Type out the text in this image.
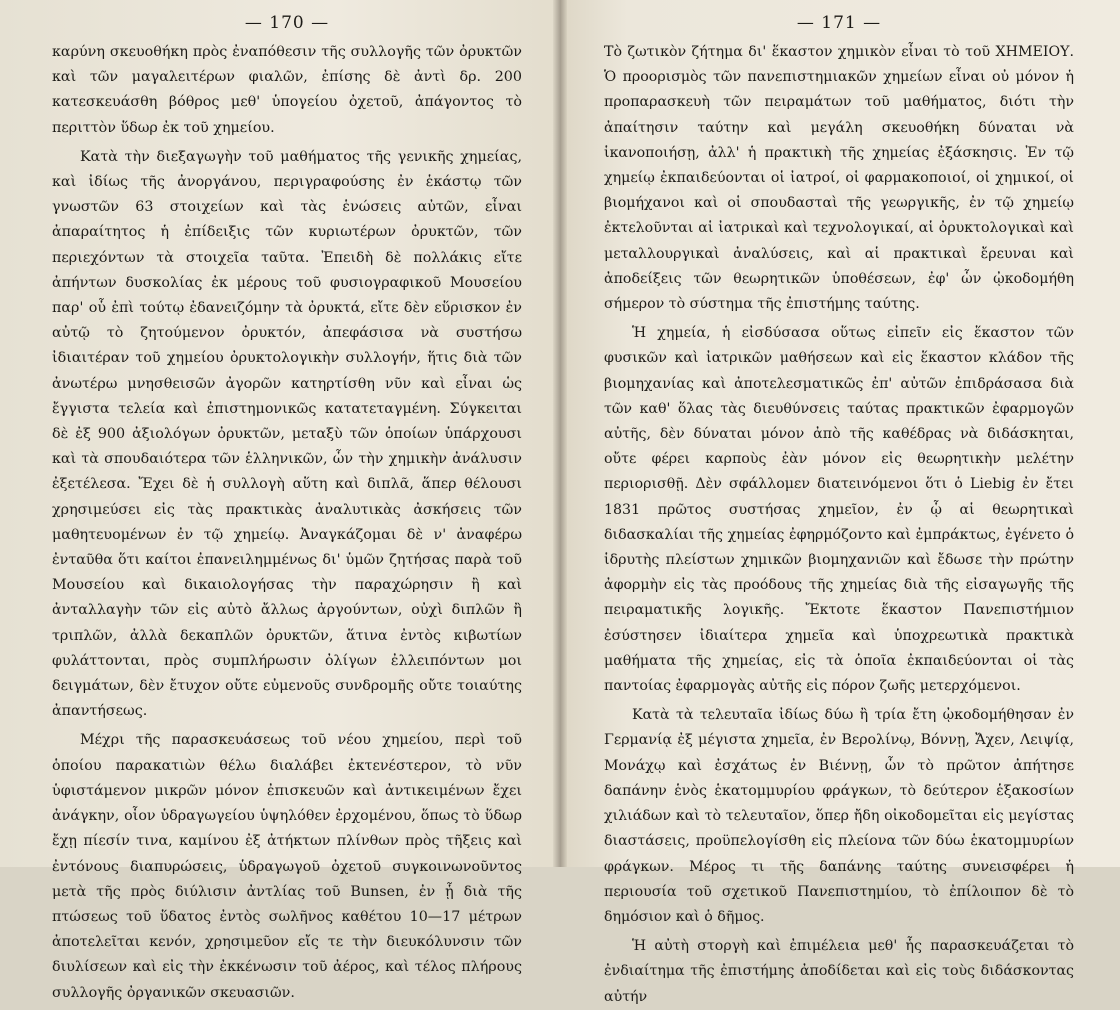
— 170 —

καρύνη σκευοθήκη πρὸς ἐναπόθεσιν τῆς συλλογῆς τῶν ὀρυκτῶν καὶ τῶν μαγαλειτέρων φιαλῶν, ἐπίσης δὲ ἀντὶ δρ. 200 κατεσκευάσθη βόθρος μεθ' ὑπογείου ὀχετοῦ, ἀπάγοντος τὸ περιττὸν ὕδωρ ἐκ τοῦ χημείου.

Κατὰ τὴν διεξαγωγὴν τοῦ μαθήματος τῆς γενικῆς χημείας, καὶ ἰδίως τῆς ἀνοργάνου, περιγραφούσης ἐν ἑκάστῳ τῶν γνωστῶν 63 στοιχείων καὶ τὰς ἑνώσεις αὐτῶν, εἶναι ἀπαραίτητος ἡ ἐπίδειξις τῶν κυριωτέρων ὀρυκτῶν, τῶν περιεχόντων τὰ στοιχεῖα ταῦτα. Ἐπειδὴ δὲ πολλάκις εἴτε ἀπήντων δυσκολίας ἐκ μέρους τοῦ φυσιογραφικοῦ Μουσείου παρ' οὗ ἐπὶ τούτῳ ἐδανειζόμην τὰ ὀρυκτά, εἴτε δὲν εὕρισκον ἐν αὐτῷ τὸ ζητούμενον ὀρυκτόν, ἀπεφάσισα νὰ συστήσω ἰδιαιτέραν τοῦ χημείου ὀρυκτολογικὴν συλλογήν, ἥτις διὰ τῶν ἀνωτέρω μνησθεισῶν ἀγορῶν κατηρτίσθη νῦν καὶ εἶναι ὡς ἔγγιστα τελεία καὶ ἐπιστημονικῶς κατατεταγμένη. Σύγκειται δὲ ἐξ 900 ἀξιολόγων ὀρυκτῶν, μεταξὺ τῶν ὁποίων ὑπάρχουσι καὶ τὰ σπουδαιότερα τῶν ἑλληνικῶν, ὧν τὴν χημικὴν ἀνάλυσιν ἐξετέλεσα. Ἔχει δὲ ἡ συλλογὴ αὕτη καὶ διπλᾶ, ἅπερ θέλουσι χρησιμεύσει εἰς τὰς πρακτικὰς ἀναλυτικὰς ἀσκήσεις τῶν μαθητευομένων ἐν τῷ χημείῳ. Ἀναγκάζομαι δὲ ν' ἀναφέρω ἐνταῦθα ὅτι καίτοι ἐπανειλημμένως δι' ὑμῶν ζητήσας παρὰ τοῦ Μουσείου καὶ δικαιολογήσας τὴν παραχώρησιν ἢ καὶ ἀνταλλαγὴν τῶν εἰς αὐτὸ ἄλλως ἀργούντων, οὐχὶ διπλῶν ἢ τριπλῶν, ἀλλὰ δεκαπλῶν ὀρυκτῶν, ἅτινα ἐντὸς κιβωτίων φυλάττονται, πρὸς συμπλήρωσιν ὀλίγων ἐλλειπόντων μοι δειγμάτων, δὲν ἔτυχον οὔτε εὐμενοῦς συνδρομῆς οὔτε τοιαύτης ἀπαντήσεως.

Μέχρι τῆς παρασκευάσεως τοῦ νέου χημείου, περὶ τοῦ ὁποίου παρακατιὼν θέλω διαλάβει ἐκτενέστερον, τὸ νῦν ὑφιστάμενον μικρῶν μόνον ἐπισκευῶν καὶ ἀντικειμένων ἔχει ἀνάγκην, οἷον ὑδραγωγείου ὑψηλόθεν ἐρχομένου, ὅπως τὸ ὕδωρ ἔχῃ πίεσίν τινα, καμίνου ἐξ ἀτήκτων πλίνθων πρὸς τῆξεις καὶ ἐντόνους διαπυρώσεις, ὑδραγωγοῦ ὀχετοῦ συγκοινωνοῦντος μετὰ τῆς πρὸς διύλισιν ἀντλίας τοῦ Bunsen, ἐν ᾗ διὰ τῆς πτώσεως τοῦ ὕδατος ἐντὸς σωλῆνος καθέτου 10—17 μέτρων ἀποτελεῖται κενόν, χρησιμεῦον εἴς τε τὴν διευκόλυνσιν τῶν διυλίσεων καὶ εἰς τὴν ἐκκένωσιν τοῦ ἀέρος, καὶ τέλος πλήρους συλλογῆς ὀργανικῶν σκευασιῶν.

— 171 —

Τὸ ζωτικὸν ζήτημα δι' ἕκαστον χημικὸν εἶναι τὸ τοῦ ΧΗΜΕΙΟΥ. Ὁ προορισμὸς τῶν πανεπιστημιακῶν χημείων εἶναι οὐ μόνον ἡ προπαρασκευὴ τῶν πειραμάτων τοῦ μαθήματος, διότι τὴν ἀπαίτησιν ταύτην καὶ μεγάλη σκευοθήκη δύναται νὰ ἱκανοποιήσῃ, ἀλλ' ἡ πρακτικὴ τῆς χημείας ἐξάσκησις. Ἐν τῷ χημείῳ ἐκπαιδεύονται οἱ ἰατροί, οἱ φαρμακοποιοί, οἱ χημικοί, οἱ βιομήχανοι καὶ οἱ σπουδασταὶ τῆς γεωργικῆς, ἐν τῷ χημείῳ ἐκτελοῦνται αἱ ἰατρικαὶ καὶ τεχνολογικαί, αἱ ὀρυκτολογικαὶ καὶ μεταλλουργικαὶ ἀναλύσεις, καὶ αἱ πρακτικαὶ ἔρευναι καὶ ἀποδείξεις τῶν θεωρητικῶν ὑποθέσεων, ἐφ' ὧν ᾠκοδομήθη σήμερον τὸ σύστημα τῆς ἐπιστήμης ταύτης.

Ἡ χημεία, ἡ εἰσδύσασα οὕτως εἰπεῖν εἰς ἕκαστον τῶν φυσικῶν καὶ ἰατρικῶν μαθήσεων καὶ εἰς ἕκαστον κλάδον τῆς βιομηχανίας καὶ ἀποτελεσματικῶς ἐπ' αὐτῶν ἐπιδράσασα διὰ τῶν καθ' ὅλας τὰς διευθύνσεις ταύτας πρακτικῶν ἐφαρμογῶν αὐτῆς, δὲν δύναται μόνον ἀπὸ τῆς καθέδρας νὰ διδάσκηται, οὔτε φέρει καρποὺς ἐὰν μόνον εἰς θεωρητικὴν μελέτην περιορισθῇ. Δὲν σφάλλομεν διατεινόμενοι ὅτι ὁ Liebig ἐν ἔτει 1831 πρῶτος συστήσας χημεῖον, ἐν ᾧ αἱ θεωρητικαὶ διδασκαλίαι τῆς χημείας ἐφηρμόζοντο καὶ ἐμπράκτως, ἐγένετο ὁ ἱδρυτὴς πλείστων χημικῶν βιομηχανιῶν καὶ ἔδωσε τὴν πρώτην ἀφορμὴν εἰς τὰς προόδους τῆς χημείας διὰ τῆς εἰσαγωγῆς τῆς πειραματικῆς λογικῆς. Ἔκτοτε ἕκαστον Πανεπιστήμιον ἐσύστησεν ἰδιαίτερα χημεῖα καὶ ὑποχρεωτικὰ πρακτικὰ μαθήματα τῆς χημείας, εἰς τὰ ὁποῖα ἐκπαιδεύονται οἱ τὰς παντοίας ἐφαρμογὰς αὐτῆς εἰς πόρον ζωῆς μετερχόμενοι.

Κατὰ τὰ τελευταῖα ἰδίως δύω ἢ τρία ἔτη ᾠκοδομήθησαν ἐν Γερμανίᾳ ἐξ μέγιστα χημεῖα, ἐν Βερολίνῳ, Βόννῃ, Ἄχεν, Λειψίᾳ, Μονάχῳ καὶ ἐσχάτως ἐν Βιέννῃ, ὧν τὸ πρῶτον ἀπήτησε δαπάνην ἑνὸς ἑκατομμυρίου φράγκων, τὸ δεύτερον ἑξακοσίων χιλιάδων καὶ τὸ τελευταῖον, ὅπερ ἤδη οἰκοδομεῖται εἰς μεγίστας διαστάσεις, προϋπελογίσθη εἰς πλείονα τῶν δύω ἑκατομμυρίων φράγκων. Μέρος τι τῆς δαπάνης ταύτης συνεισφέρει ἡ περιουσία τοῦ σχετικοῦ Πανεπιστημίου, τὸ ἐπίλοιπον δὲ τὸ δημόσιον καὶ ὁ δῆμος.

Ἡ αὐτὴ στοργὴ καὶ ἐπιμέλεια μεθ' ἧς παρασκευάζεται τὸ ἐνδιαίτημα τῆς ἐπιστήμης ἀποδίδεται καὶ εἰς τοὺς διδάσκοντας αὐτήν
